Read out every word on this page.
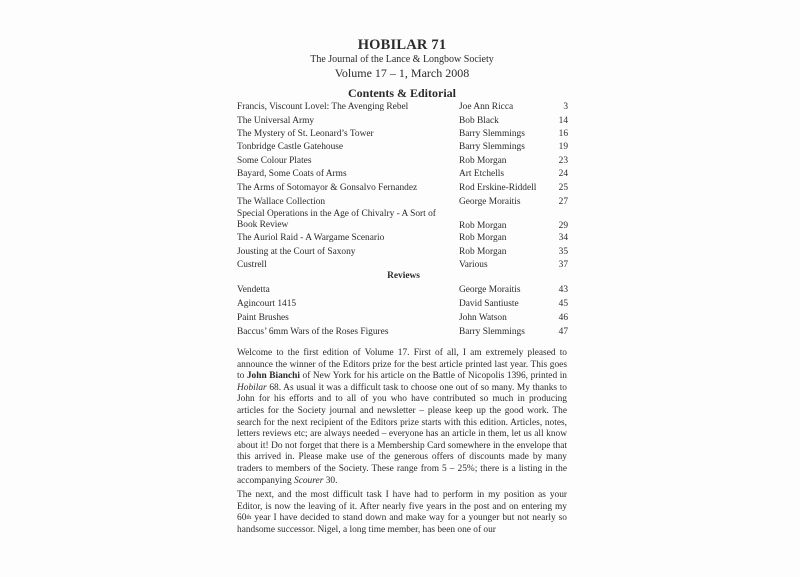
HOBILAR 71
The Journal of the Lance & Longbow Society
Volume 17 – 1, March 2008
Contents & Editorial
Francis, Viscount Lovel: The Avenging Rebel	Joe Ann Ricca	3
The Universal Army	Bob Black	14
The Mystery of St. Leonard’s Tower	Barry Slemmings	16
Tonbridge Castle Gatehouse	Barry Slemmings	19
Some Colour Plates	Rob Morgan	23
Bayard, Some Coats of Arms	Art Etchells	24
The Arms of Sotomayor & Gonsalvo Fernandez	Rod Erskine-Riddell	25
The Wallace Collection	George Moraitis	27
Special Operations in the Age of Chivalry - A Sort of Book Review	Rob Morgan	29
The Auriol Raid - A Wargame Scenario	Rob Morgan	34
Jousting at the Court of Saxony	Rob Morgan	35
Custrell	Various	37
Reviews
Vendetta	George Moraitis	43
Agincourt 1415	David Santiuste	45
Paint Brushes	John Watson	46
Baccus’ 6mm Wars of the Roses Figures	Barry Slemmings	47
Welcome to the first edition of Volume 17. First of all, I am extremely pleased to announce the winner of the Editors prize for the best article printed last year. This goes to John Bianchi of New York for his article on the Battle of Nicopolis 1396, printed in Hobilar 68. As usual it was a difficult task to choose one out of so many. My thanks to John for his efforts and to all of you who have contributed so much in producing articles for the Society journal and newsletter – please keep up the good work. The search for the next recipient of the Editors prize starts with this edition. Articles, notes, letters reviews etc; are always needed – everyone has an article in them, let us all know about it! Do not forget that there is a Membership Card somewhere in the envelope that this arrived in. Please make use of the generous offers of discounts made by many traders to members of the Society. These range from 5 – 25%; there is a listing in the accompanying Scourer 30.
The next, and the most difficult task I have had to perform in my position as your Editor, is now the leaving of it. After nearly five years in the post and on entering my 60th year I have decided to stand down and make way for a younger but not nearly so handsome successor. Nigel, a long time member, has been one of our
